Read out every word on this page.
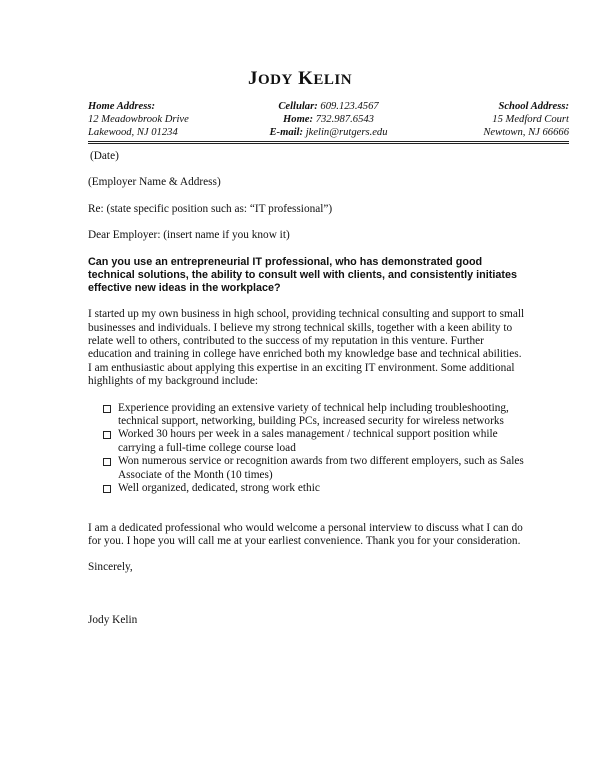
JODY KELIN
Home Address:
12 Meadowbrook Drive
Lakewood, NJ 01234
Cellular: 609.123.4567
Home: 732.987.6543
E-mail: jkelin@rutgers.edu
School Address:
15 Medford Court
Newtown, NJ 66666

(Date)

(Employer Name & Address)

Re: (state specific position such as: “IT professional”)

Dear Employer: (insert name if you know it)

Can you use an entrepreneurial IT professional, who has demonstrated good technical solutions, the ability to consult well with clients, and consistently initiates effective new ideas in the workplace?

I started up my own business in high school, providing technical consulting and support to small businesses and individuals. I believe my strong technical skills, together with a keen ability to relate well to others, contributed to the success of my reputation in this venture. Further education and training in college have enriched both my knowledge base and technical abilities. I am enthusiastic about applying this expertise in an exciting IT environment. Some additional highlights of my background include:

Experience providing an extensive variety of technical help including troubleshooting, technical support, networking, building PCs, increased security for wireless networks
Worked 30 hours per week in a sales management / technical support position while carrying a full-time college course load
Won numerous service or recognition awards from two different employers, such as Sales Associate of the Month (10 times)
Well organized, dedicated, strong work ethic

I am a dedicated professional who would welcome a personal interview to discuss what I can do for you. I hope you will call me at your earliest convenience. Thank you for your consideration.

Sincerely,

Jody Kelin
